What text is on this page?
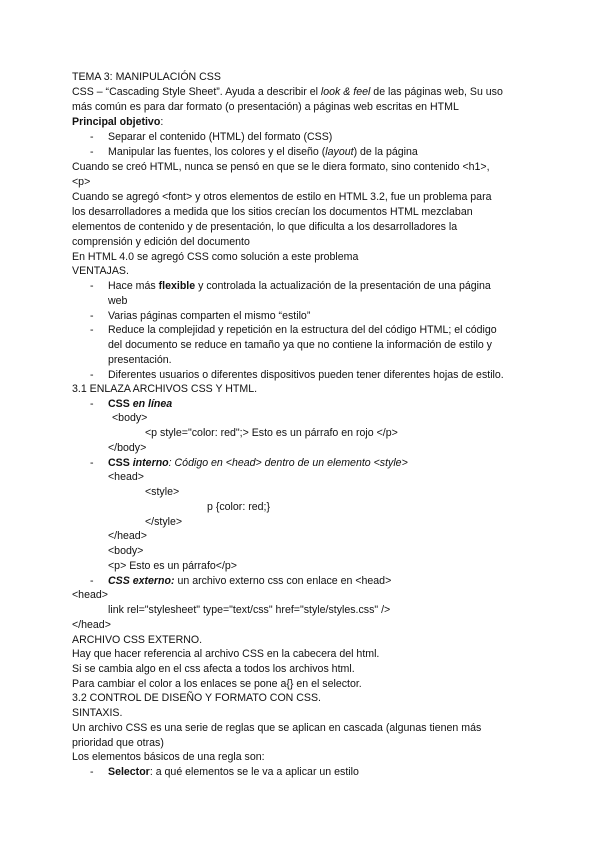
TEMA 3: MANIPULACIÓN CSS
CSS – “Cascading Style Sheet”. Ayuda a describir el look & feel de las páginas web, Su uso
más común es para dar formato (o presentación) a páginas web escritas en HTML
Principal objetivo:
- Separar el contenido (HTML) del formato (CSS)
- Manipular las fuentes, los colores y el diseño (layout) de la página
Cuando se creó HTML, nunca se pensó en que se le diera formato, sino contenido <h1>,
<p>
Cuando se agregó <font> y otros elementos de estilo en HTML 3.2, fue un problema para
los desarrolladores a medida que los sitios crecían los documentos HTML mezclaban
elementos de contenido y de presentación, lo que dificulta a los desarrolladores la
comprensión y edición del documento
En HTML 4.0 se agregó CSS como solución a este problema
VENTAJAS.
- Hace más flexible y controlada la actualización de la presentación de una página
web
- Varias páginas comparten el mismo “estilo”
- Reduce la complejidad y repetición en la estructura del del código HTML; el código
del documento se reduce en tamaño ya que no contiene la información de estilo y
presentación.
- Diferentes usuarios o diferentes dispositivos pueden tener diferentes hojas de estilo.
3.1 ENLAZA ARCHIVOS CSS Y HTML.
- CSS en línea
<body>
<p style="color: red";> Esto es un párrafo en rojo </p>
</body>
- CSS interno: Código en <head> dentro de un elemento <style>
<head>
<style>
p {color: red;}
</style>
</head>
<body>
<p> Esto es un párrafo</p>
- CSS externo: un archivo externo css con enlace en <head>
<head>
link rel="stylesheet" type="text/css" href="style/styles.css" />
</head>
ARCHIVO CSS EXTERNO.
Hay que hacer referencia al archivo CSS en la cabecera del html.
Si se cambia algo en el css afecta a todos los archivos html.
Para cambiar el color a los enlaces se pone a{} en el selector.
3.2 CONTROL DE DISEÑO Y FORMATO CON CSS.
SINTAXIS.
Un archivo CSS es una serie de reglas que se aplican en cascada (algunas tienen más
prioridad que otras)
Los elementos básicos de una regla son:
- Selector: a qué elementos se le va a aplicar un estilo
